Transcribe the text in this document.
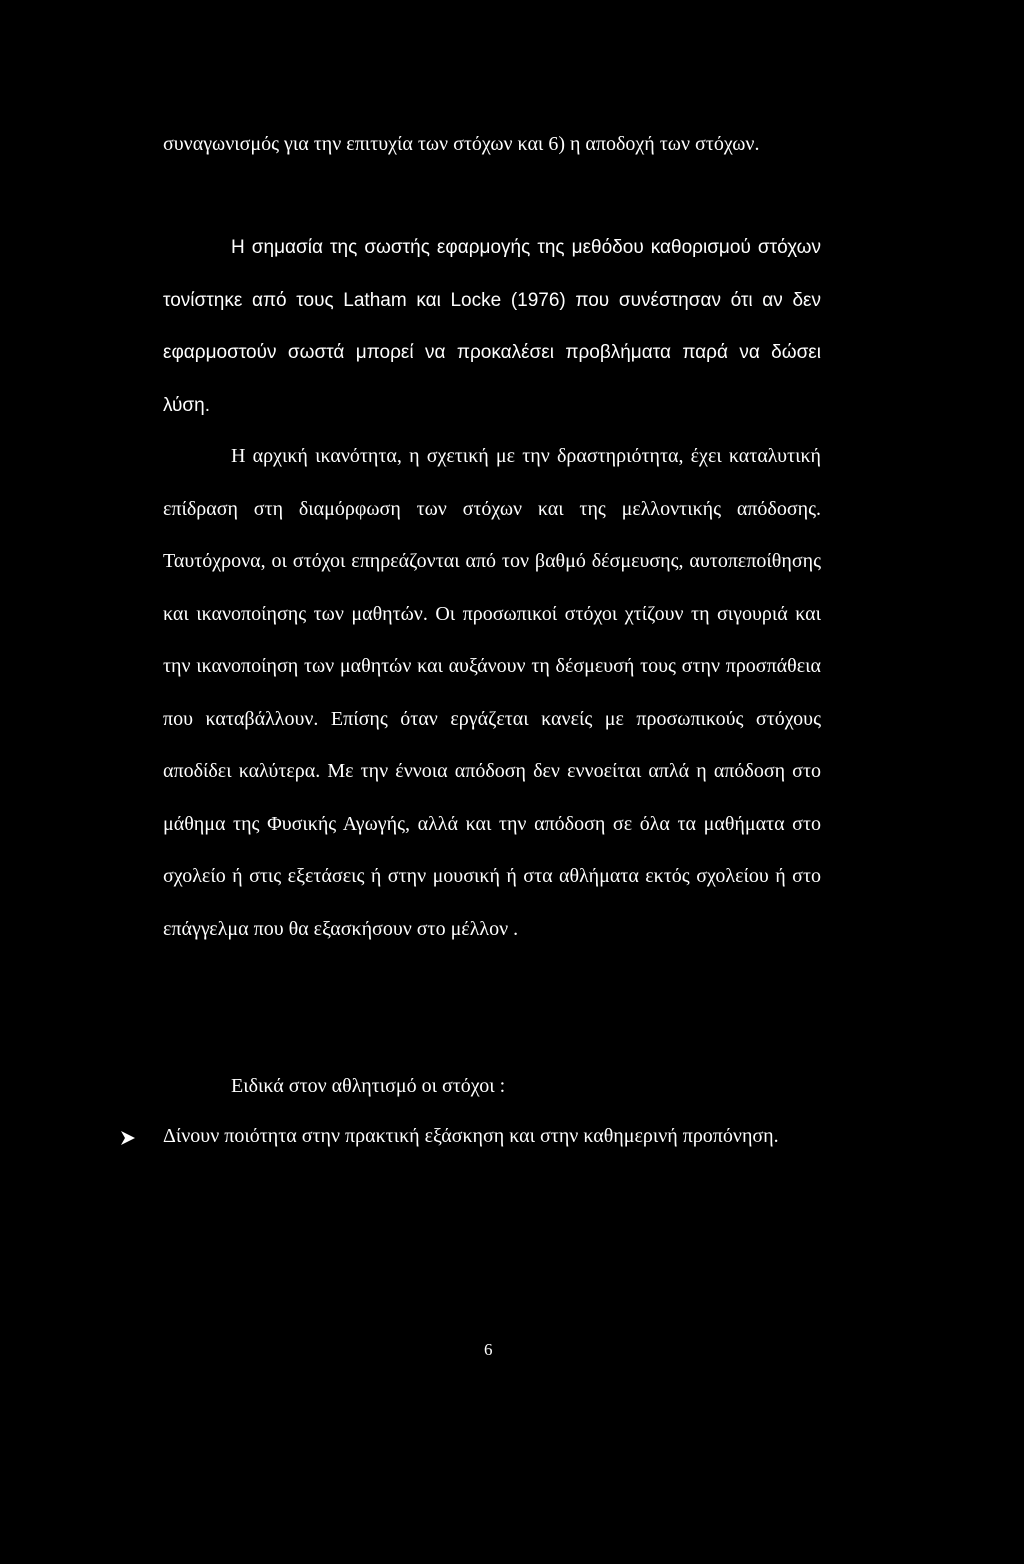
συναγωνισμός για την επιτυχία των στόχων και 6) η αποδοχή των στόχων.

Η σημασία της σωστής εφαρμογής της μεθόδου καθορισμού στόχων τονίστηκε από τους Latham και Locke (1976) που συνέστησαν ότι αν δεν εφαρμοστούν σωστά μπορεί να προκαλέσει προβλήματα παρά να δώσει λύση.

Η αρχική ικανότητα, η σχετική με την δραστηριότητα, έχει καταλυτική επίδραση στη διαμόρφωση των στόχων και της μελλοντικής απόδοσης. Ταυτόχρονα, οι στόχοι επηρεάζονται από τον βαθμό δέσμευσης, αυτοπεποίθησης και ικανοποίησης των μαθητών. Οι προσωπικοί στόχοι χτίζουν τη σιγουριά και την ικανοποίηση των μαθητών και αυξάνουν τη δέσμευσή τους στην προσπάθεια που καταβάλλουν. Επίσης όταν εργάζεται κανείς με προσωπικούς στόχους αποδίδει καλύτερα. Με την έννοια απόδοση δεν εννοείται απλά η απόδοση στο μάθημα της Φυσικής Αγωγής, αλλά και την απόδοση σε όλα τα μαθήματα στο σχολείο ή στις εξετάσεις ή στην μουσική ή στα αθλήματα εκτός σχολείου ή στο επάγγελμα που θα εξασκήσουν στο μέλλον .

Ειδικά στον αθλητισμό οι στόχοι :

Δίνουν ποιότητα στην πρακτική εξάσκηση και στην καθημερινή προπόνηση.

6
